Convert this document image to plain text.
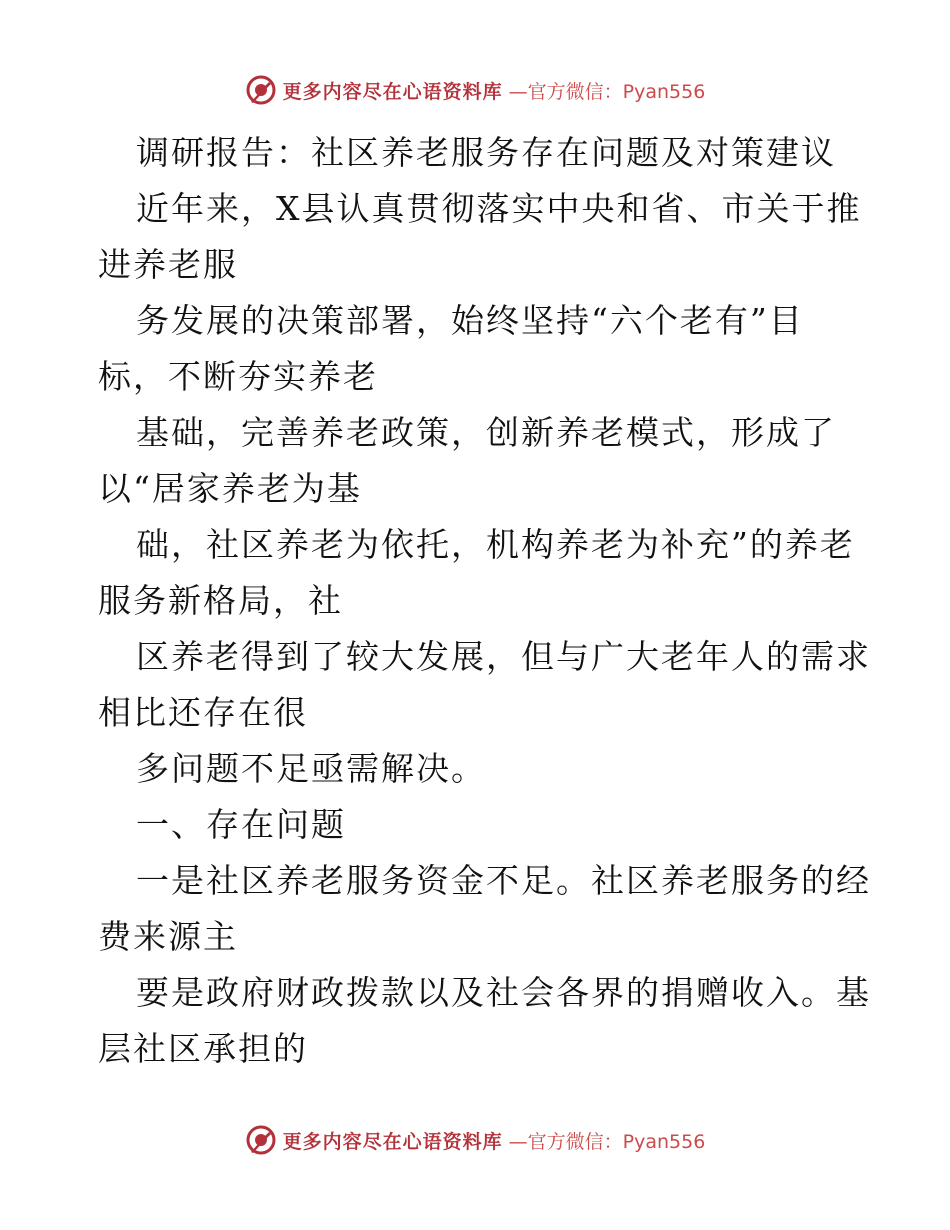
更多内容尽在心语资料库 —官方微信：Pyan556
调研报告：社区养老服务存在问题及对策建议
近年来，X县认真贯彻落实中央和省、市关于推
进养老服
务发展的决策部署，始终坚持“六个老有”目
标，不断夯实养老
基础，完善养老政策，创新养老模式，形成了
以“居家养老为基
础，社区养老为依托，机构养老为补充”的养老
服务新格局，社
区养老得到了较大发展，但与广大老年人的需求
相比还存在很
多问题不足亟需解决。
一、存在问题
一是社区养老服务资金不足。社区养老服务的经
费来源主
要是政府财政拨款以及社会各界的捐赠收入。基
层社区承担的
更多内容尽在心语资料库 —官方微信：Pyan556
